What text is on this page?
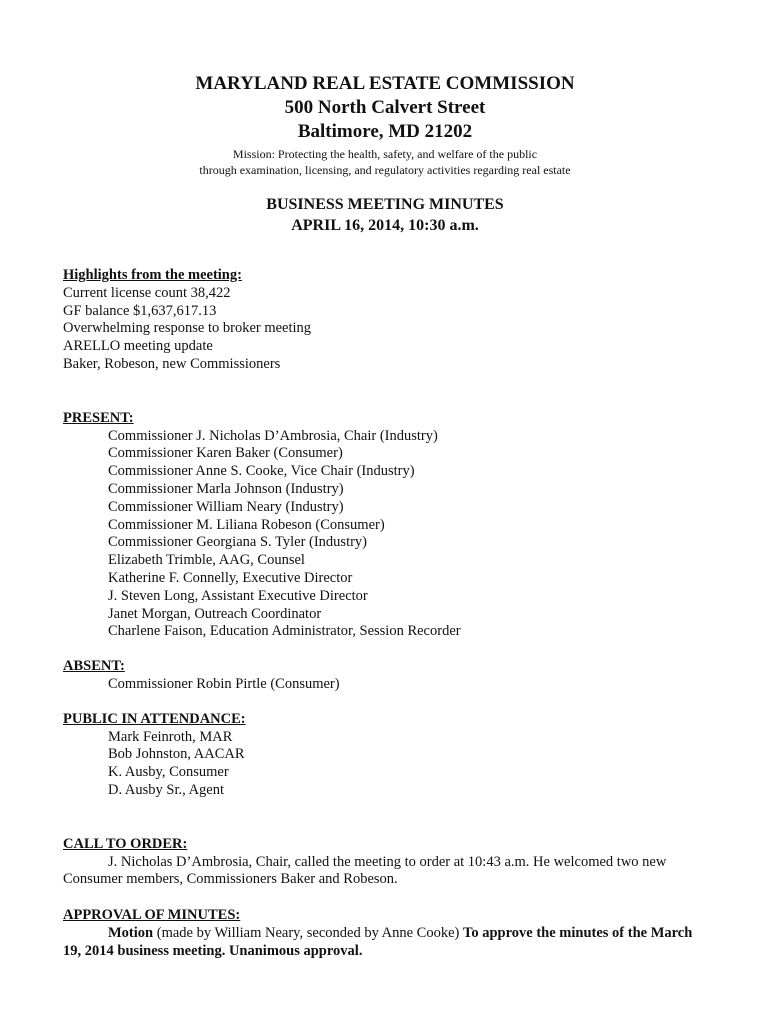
MARYLAND REAL ESTATE COMMISSION
500 North Calvert Street
Baltimore, MD 21202
Mission: Protecting the health, safety, and welfare of the public
through examination, licensing, and regulatory activities regarding real estate
BUSINESS MEETING MINUTES
APRIL 16, 2014, 10:30 a.m.
Highlights from the meeting:
Current license count 38,422
GF balance $1,637,617.13
Overwhelming response to broker meeting
ARELLO meeting update
Baker, Robeson, new Commissioners
PRESENT:
Commissioner J. Nicholas D’Ambrosia, Chair (Industry)
Commissioner Karen Baker (Consumer)
Commissioner Anne S. Cooke, Vice Chair (Industry)
Commissioner Marla Johnson (Industry)
Commissioner William Neary (Industry)
Commissioner M. Liliana Robeson (Consumer)
Commissioner Georgiana S. Tyler (Industry)
Elizabeth Trimble, AAG, Counsel
Katherine F. Connelly, Executive Director
J. Steven Long, Assistant Executive Director
Janet Morgan, Outreach Coordinator
Charlene Faison, Education Administrator, Session Recorder
ABSENT:
Commissioner Robin Pirtle (Consumer)
PUBLIC IN ATTENDANCE:
Mark Feinroth, MAR
Bob Johnston, AACAR
K. Ausby, Consumer
D. Ausby Sr., Agent
CALL TO ORDER:
J. Nicholas D’Ambrosia, Chair, called the meeting to order at 10:43 a.m. He welcomed two new Consumer members, Commissioners Baker and Robeson.
APPROVAL OF MINUTES:
Motion (made by William Neary, seconded by Anne Cooke) To approve the minutes of the March 19, 2014 business meeting. Unanimous approval.
